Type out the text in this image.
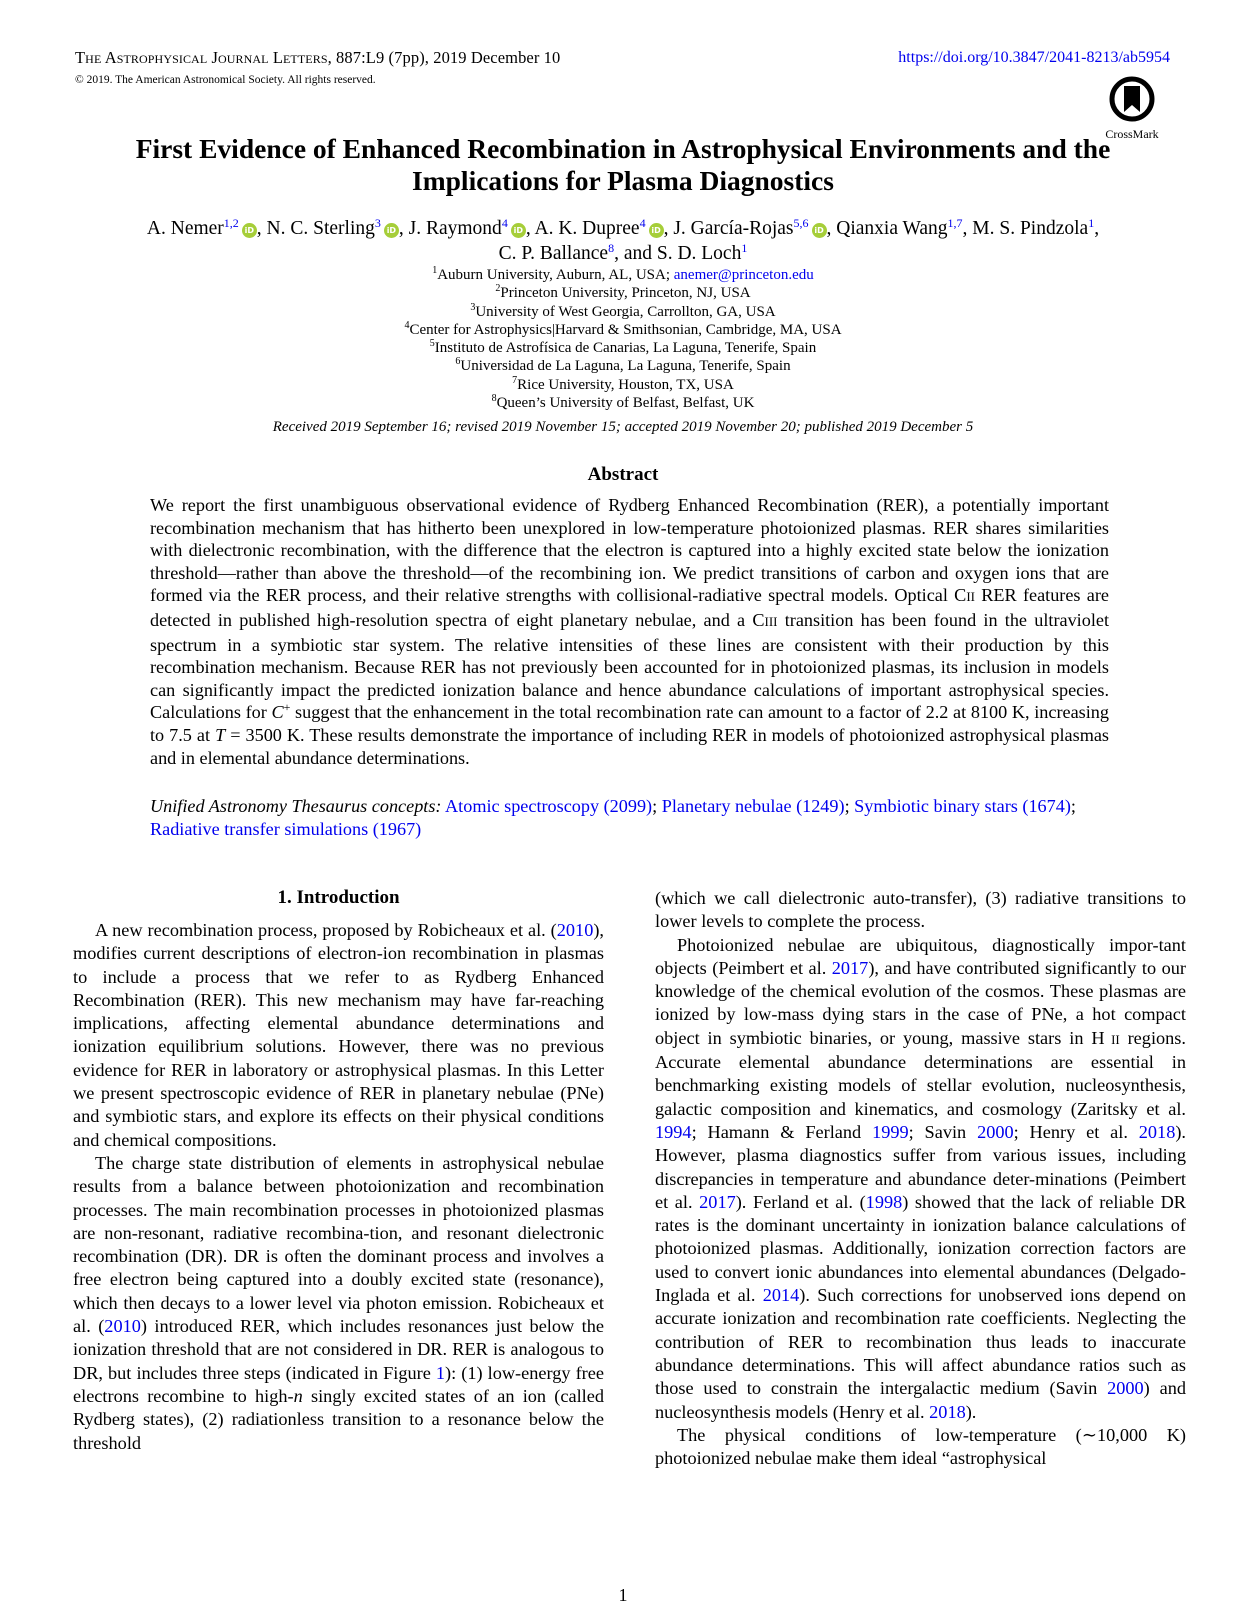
The Astrophysical Journal Letters, 887:L9 (7pp), 2019 December 10
© 2019. The American Astronomical Society. All rights reserved.
https://doi.org/10.3847/2041-8213/ab5954
CrossMark
First Evidence of Enhanced Recombination in Astrophysical Environments and the
Implications for Plasma Diagnostics
A. Nemer$^{1,2}$iD , N. C. Sterling$^3$iD , J. Raymond$^4$iD , A. K. Dupree$^4$iD , J. García-Rojas$^{5,6}$iD , Qianxia Wang$^{1,7}$, M. S. Pindzola$^1$,
C. P. Ballance$^8$, and S. D. Loch$^1$
$^1$Auburn University, Auburn, AL, USA; anemer@princeton.edu
$^2$Princeton University, Princeton, NJ, USA
$^3$University of West Georgia, Carrollton, GA, USA
$^4$Center for Astrophysics|Harvard & Smithsonian, Cambridge, MA, USA
$^5$Instituto de Astrofísica de Canarias, La Laguna, Tenerife, Spain
$^6$Universidad de La Laguna, La Laguna, Tenerife, Spain
$^7$Rice University, Houston, TX, USA
$^8$Queen’s University of Belfast, Belfast, UK
Received 2019 September 16; revised 2019 November 15; accepted 2019 November 20; published 2019 December 5
Abstract
We report the first unambiguous observational evidence of Rydberg Enhanced Recombination (RER), a potentially important recombination mechanism that has hitherto been unexplored in low-temperature photoionized plasmas. RER shares similarities with dielectronic recombination, with the difference that the electron is captured into a highly excited state below the ionization threshold—rather than above the threshold—of the recombining ion. We predict transitions of carbon and oxygen ions that are formed via the RER process, and their relative strengths with collisional-radiative spectral models. Optical CII RER features are detected in published high-resolution spectra of eight planetary nebulae, and a CIII transition has been found in the ultraviolet spectrum in a symbiotic star system. The relative intensities of these lines are consistent with their production by this recombination mechanism. Because RER has not previously been accounted for in photoionized plasmas, its inclusion in models can significantly impact the predicted ionization balance and hence abundance calculations of important astrophysical species. Calculations for C+ suggest that the enhancement in the total recombination rate can amount to a factor of 2.2 at 8100 K, increasing to 7.5 at T = 3500 K. These results demonstrate the importance of including RER in models of photoionized astrophysical plasmas and in elemental abundance determinations.
Unified Astronomy Thesaurus concepts: Atomic spectroscopy (2099); Planetary nebulae (1249); Symbiotic binary stars (1674); Radiative transfer simulations (1967)
1. Introduction

A new recombination process, proposed by Robicheaux et al. (2010), modifies current descriptions of electron-ion recombination in plasmas to include a process that we refer to as Rydberg Enhanced Recombination (RER). This new mechanism may have far-reaching implications, affecting elemental abundance determinations and ionization equilibrium solutions. However, there was no previous evidence for RER in laboratory or astrophysical plasmas. In this Letter we present spectroscopic evidence of RER in planetary nebulae (PNe) and symbiotic stars, and explore its effects on their physical conditions and chemical compositions.

The charge state distribution of elements in astrophysical nebulae results from a balance between photoionization and recombination processes. The main recombination processes in photoionized plasmas are non-resonant, radiative recombina-tion, and resonant dielectronic recombination (DR). DR is often the dominant process and involves a free electron being captured into a doubly excited state (resonance), which then decays to a lower level via photon emission. Robicheaux et al. (2010) introduced RER, which includes resonances just below the ionization threshold that are not considered in DR. RER is analogous to DR, but includes three steps (indicated in Figure 1): (1) low-energy free electrons recombine to high-n singly excited states of an ion (called Rydberg states), (2) radiationless transition to a resonance below the threshold

(which we call dielectronic auto-transfer), (3) radiative transitions to lower levels to complete the process.

Photoionized nebulae are ubiquitous, diagnostically impor-tant objects (Peimbert et al. 2017), and have contributed significantly to our knowledge of the chemical evolution of the cosmos. These plasmas are ionized by low-mass dying stars in the case of PNe, a hot compact object in symbiotic binaries, or young, massive stars in H II regions. Accurate elemental abundance determinations are essential in benchmarking existing models of stellar evolution, nucleosynthesis, galactic composition and kinematics, and cosmology (Zaritsky et al. 1994; Hamann & Ferland 1999; Savin 2000; Henry et al. 2018). However, plasma diagnostics suffer from various issues, including discrepancies in temperature and abundance deter-minations (Peimbert et al. 2017). Ferland et al. (1998) showed that the lack of reliable DR rates is the dominant uncertainty in ionization balance calculations of photoionized plasmas. Additionally, ionization correction factors are used to convert ionic abundances into elemental abundances (Delgado-Inglada et al. 2014). Such corrections for unobserved ions depend on accurate ionization and recombination rate coefficients. Neglecting the contribution of RER to recombination thus leads to inaccurate abundance determinations. This will affect abundance ratios such as those used to constrain the intergalactic medium (Savin 2000) and nucleosynthesis models (Henry et al. 2018).

The physical conditions of low-temperature (∼10,000 K) photoionized nebulae make them ideal “astrophysical

1
